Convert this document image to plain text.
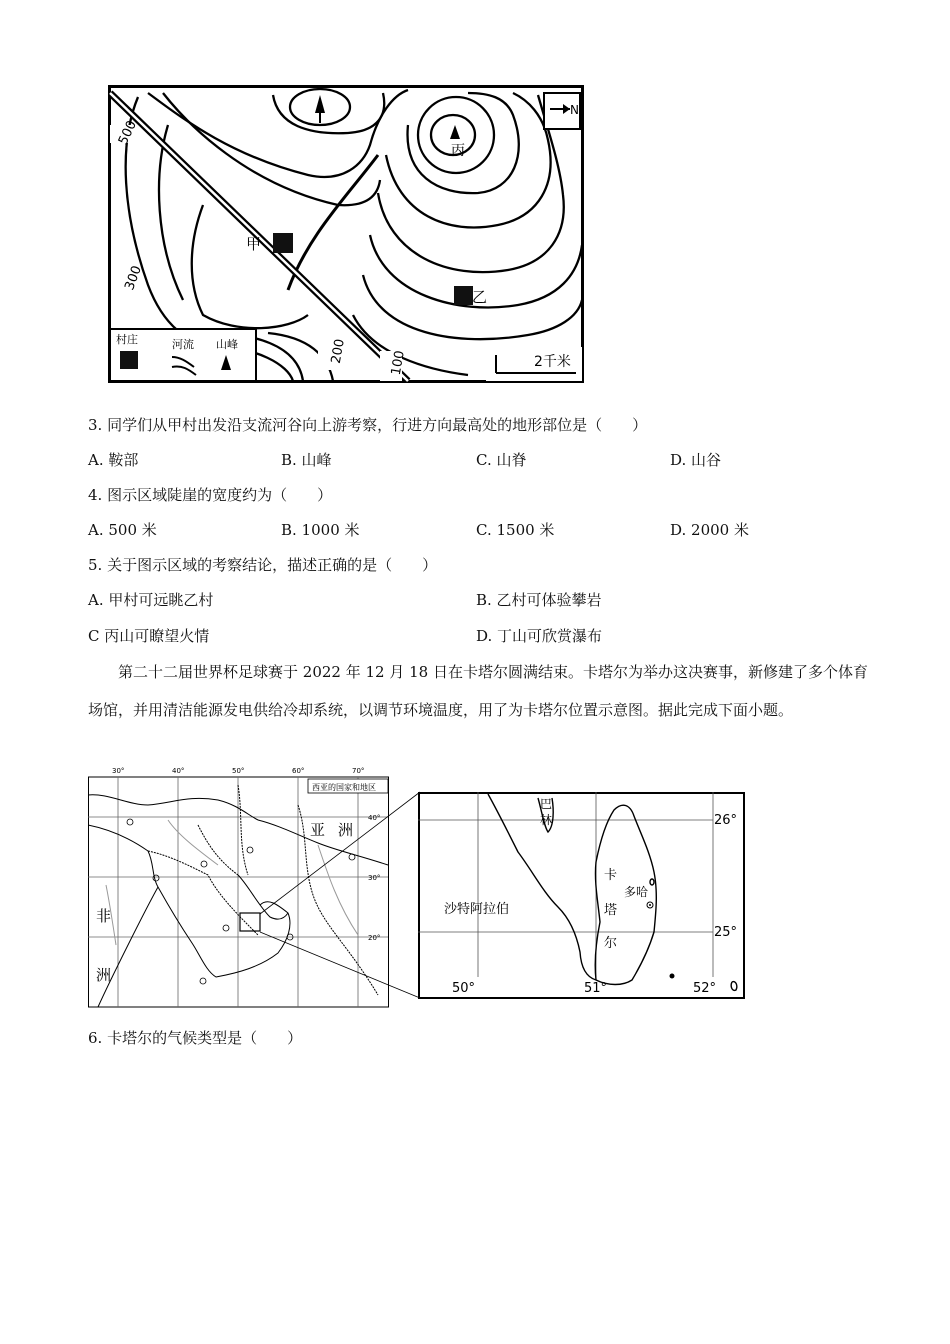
500
300
200	100
丙
甲
乙
N
2千米
村庄	河流 山峰
3. 同学们从甲村出发沿支流河谷向上游考察，行进方向最高处的地形部位是（　　）
A. 鞍部	B. 山峰	C. 山脊	D. 山谷
4. 图示区域陡崖的宽度约为（　　）
A. 500 米	B. 1000 米	C. 1500 米	D. 2000 米
5. 关于图示区域的考察结论，描述正确的是（　　）
A. 甲村可远眺乙村	B. 乙村可体验攀岩
C 丙山可瞭望火情	D. 丁山可欣赏瀑布
第二十二届世界杯足球赛于 2022 年 12 月 18 日在卡塔尔圆满结束。卡塔尔为举办这决赛事，新修建了多个体育场馆，并用清洁能源发电供给冷却系统，以调节环境温度，用了为卡塔尔位置示意图。据此完成下面小题。
30°	40°	50°	60°	70°
40°
30°
20°
西亚的国家和地区
亚 洲
非
洲
巴
林
沙特阿拉伯
卡
塔
尔
多哈
26°
25°
50°	51°	52°
6. 卡塔尔的气候类型是（　　）
